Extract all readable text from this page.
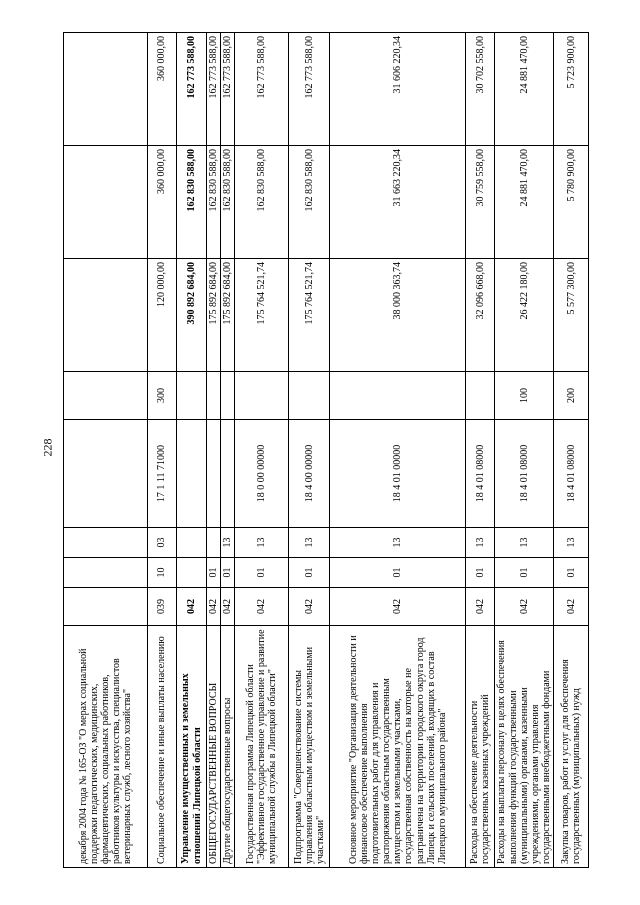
228
декабря 2004 года № 165-ОЗ "О мерах социальной поддержки педагогических, медицинских, фармацевтических, социальных работников, работников культуры и искусства, специалистов ветеринарных служб, лесного хозяйства"								
Социальное обеспечение и иные выплаты населению	039	10	03	17 1 11 71000	300	120 000,00	360 000,00	360 000,00
Управление имущественных и земельных отношений Липецкой области	042					390 892 684,00	162 830 588,00	162 773 588,00
ОБЩЕГОСУДАРСТВЕННЫЕ ВОПРОСЫ	042	01				175 892 684,00	162 830 588,00	162 773 588,00
Другие общегосударственные вопросы	042	01	13			175 892 684,00	162 830 588,00	162 773 588,00
Государственная программа Липецкой области "Эффективное государственное управление и развитие муниципальной службы в Липецкой области"	042	01	13	18 0 00 00000		175 764 521,74	162 830 588,00	162 773 588,00
Подпрограмма "Совершенствование системы управления областным имуществом и земельными участками"	042	01	13	18 4 00 00000		175 764 521,74	162 830 588,00	162 773 588,00
Основное мероприятие "Организация деятельности и финансовое обеспечение выполнения подготовительных работ для управления и распоряжения областным государственным имуществом и земельными участками, государственная собственность на которые не разграничена на территории городского округа город Липецк и сельских поселений, входящих в состав Липецкого муниципального района"	042	01	13	18 4 01 00000		38 000 363,74	31 663 220,34	31 606 220,34
Расходы на обеспечение деятельности государственных казенных учреждений	042	01	13	18 4 01 08000		32 096 668,00	30 759 558,00	30 702 558,00
Расходы на выплаты персоналу в целях обеспечения выполнения функций государственными (муниципальными) органами, казенными учреждениями, органами управления государственными внебюджетными фондами	042	01	13	18 4 01 08000	100	26 422 180,00	24 881 470,00	24 881 470,00
Закупка товаров, работ и услуг для обеспечения государственных (муниципальных) нужд	042	01	13	18 4 01 08000	200	5 577 300,00	5 780 900,00	5 723 900,00
